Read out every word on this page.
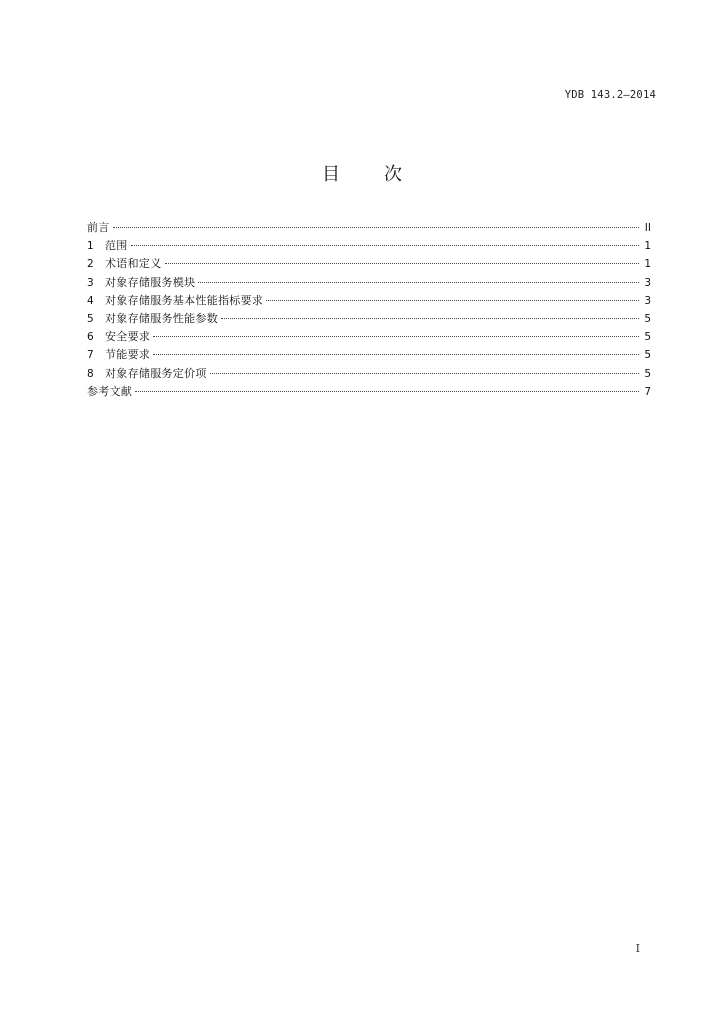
YDB 143.2—2014
目次
前言	II
1	范围	1
2	术语和定义	1
3	对象存储服务模块	3
4	对象存储服务基本性能指标要求	3
5	对象存储服务性能参数	5
6	安全要求	5
7	节能要求	5
8	对象存储服务定价项	5
参考文献	7
I
